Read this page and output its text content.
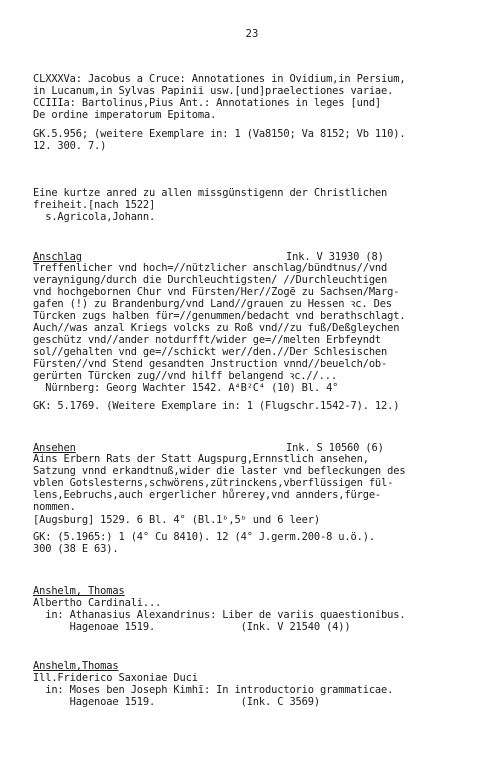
23
CLXXXVa: Jacobus a Cruce: Annotationes in Ovidium,in Persium,
in Lucanum,in Sylvas Papinii usw.[und]praelectiones variae.
CCIIIa: Bartolinus,Pius Ant.: Annotationes in leges [und]
De ordine imperatorum Epitoma.
GK.5.956; (weitere Exemplare in: 1 (Va8150; Va 8152; Vb 110).
12. 300. 7.)
Eine kurtze anred zu allen missgünstigenn der Christlichen
freiheit.[nach 1522]
s.Agricola,Johann.
Anschlag	Ink. V 31930 (8)
Treffenlicher vnd hoch=//nützlicher anschlag/bündtnus//vnd
veraynigung/durch die Durchleuchtigsten/ //Durchleuchtigen
vnd hochgebornen Chur vnd Fürsten/Her//Zogē zu Sachsen/Marg-
gafen (!) zu Brandenburg/vnd Land//grauen zu Hessen ꝛc. Des
Türcken zugs halben für=//genummen/bedacht vnd berathschlagt.
Auch//was anzal Kriegs volcks zu Roß vnd//zu fuß/Deßgleychen
geschütz vnd//ander notdurfft/wider ge=//melten Erbfeyndt
sol//gehalten vnd ge=//schickt wer//den.//Der Schlesischen
Fürsten//vnd Stend gesandten Jnstruction vnnd//beuelch/ob-
gerürten Türcken zug//vnd hilff belangend ꝛc.//...
Nürnberg: Georg Wachter 1542. A⁴B²C⁴ (10) Bl. 4°
GK: 5.1769. (Weitere Exemplare in: 1 (Flugschr.1542-7). 12.)
Ansehen	Ink. S 10560 (6)
Ains Erbern Rats der Statt Augspurg,Ernnstlich ansehen,
Satzung vnnd erkandtnuß,wider die laster vnd befleckungen des
vblen Gotslesterns,schwörens,zütrinckens,vberflüssigen fül-
lens,Eebruchs,auch ergerlicher hůrerey,vnd annders,fürge-
nommen.
[Augsburg] 1529. 6 Bl. 4° (Bl.1ᵇ,5ᵇ und 6 leer)
GK: (5.1965:) 1 (4° Cu 8410). 12 (4° J.germ.200-8 u.ö.).
300 (38 E 63).
Anshelm, Thomas
Albertho Cardinali...
in: Athanasius Alexandrinus: Liber de variis quaestionibus.
Hagenoae 1519.              (Ink. V 21540 (4))
Anshelm,Thomas
Ill.Friderico Saxoniae Duci
in: Moses ben Joseph Kimhī: In introductorio grammaticae.
Hagenoae 1519.              (Ink. C 3569)
